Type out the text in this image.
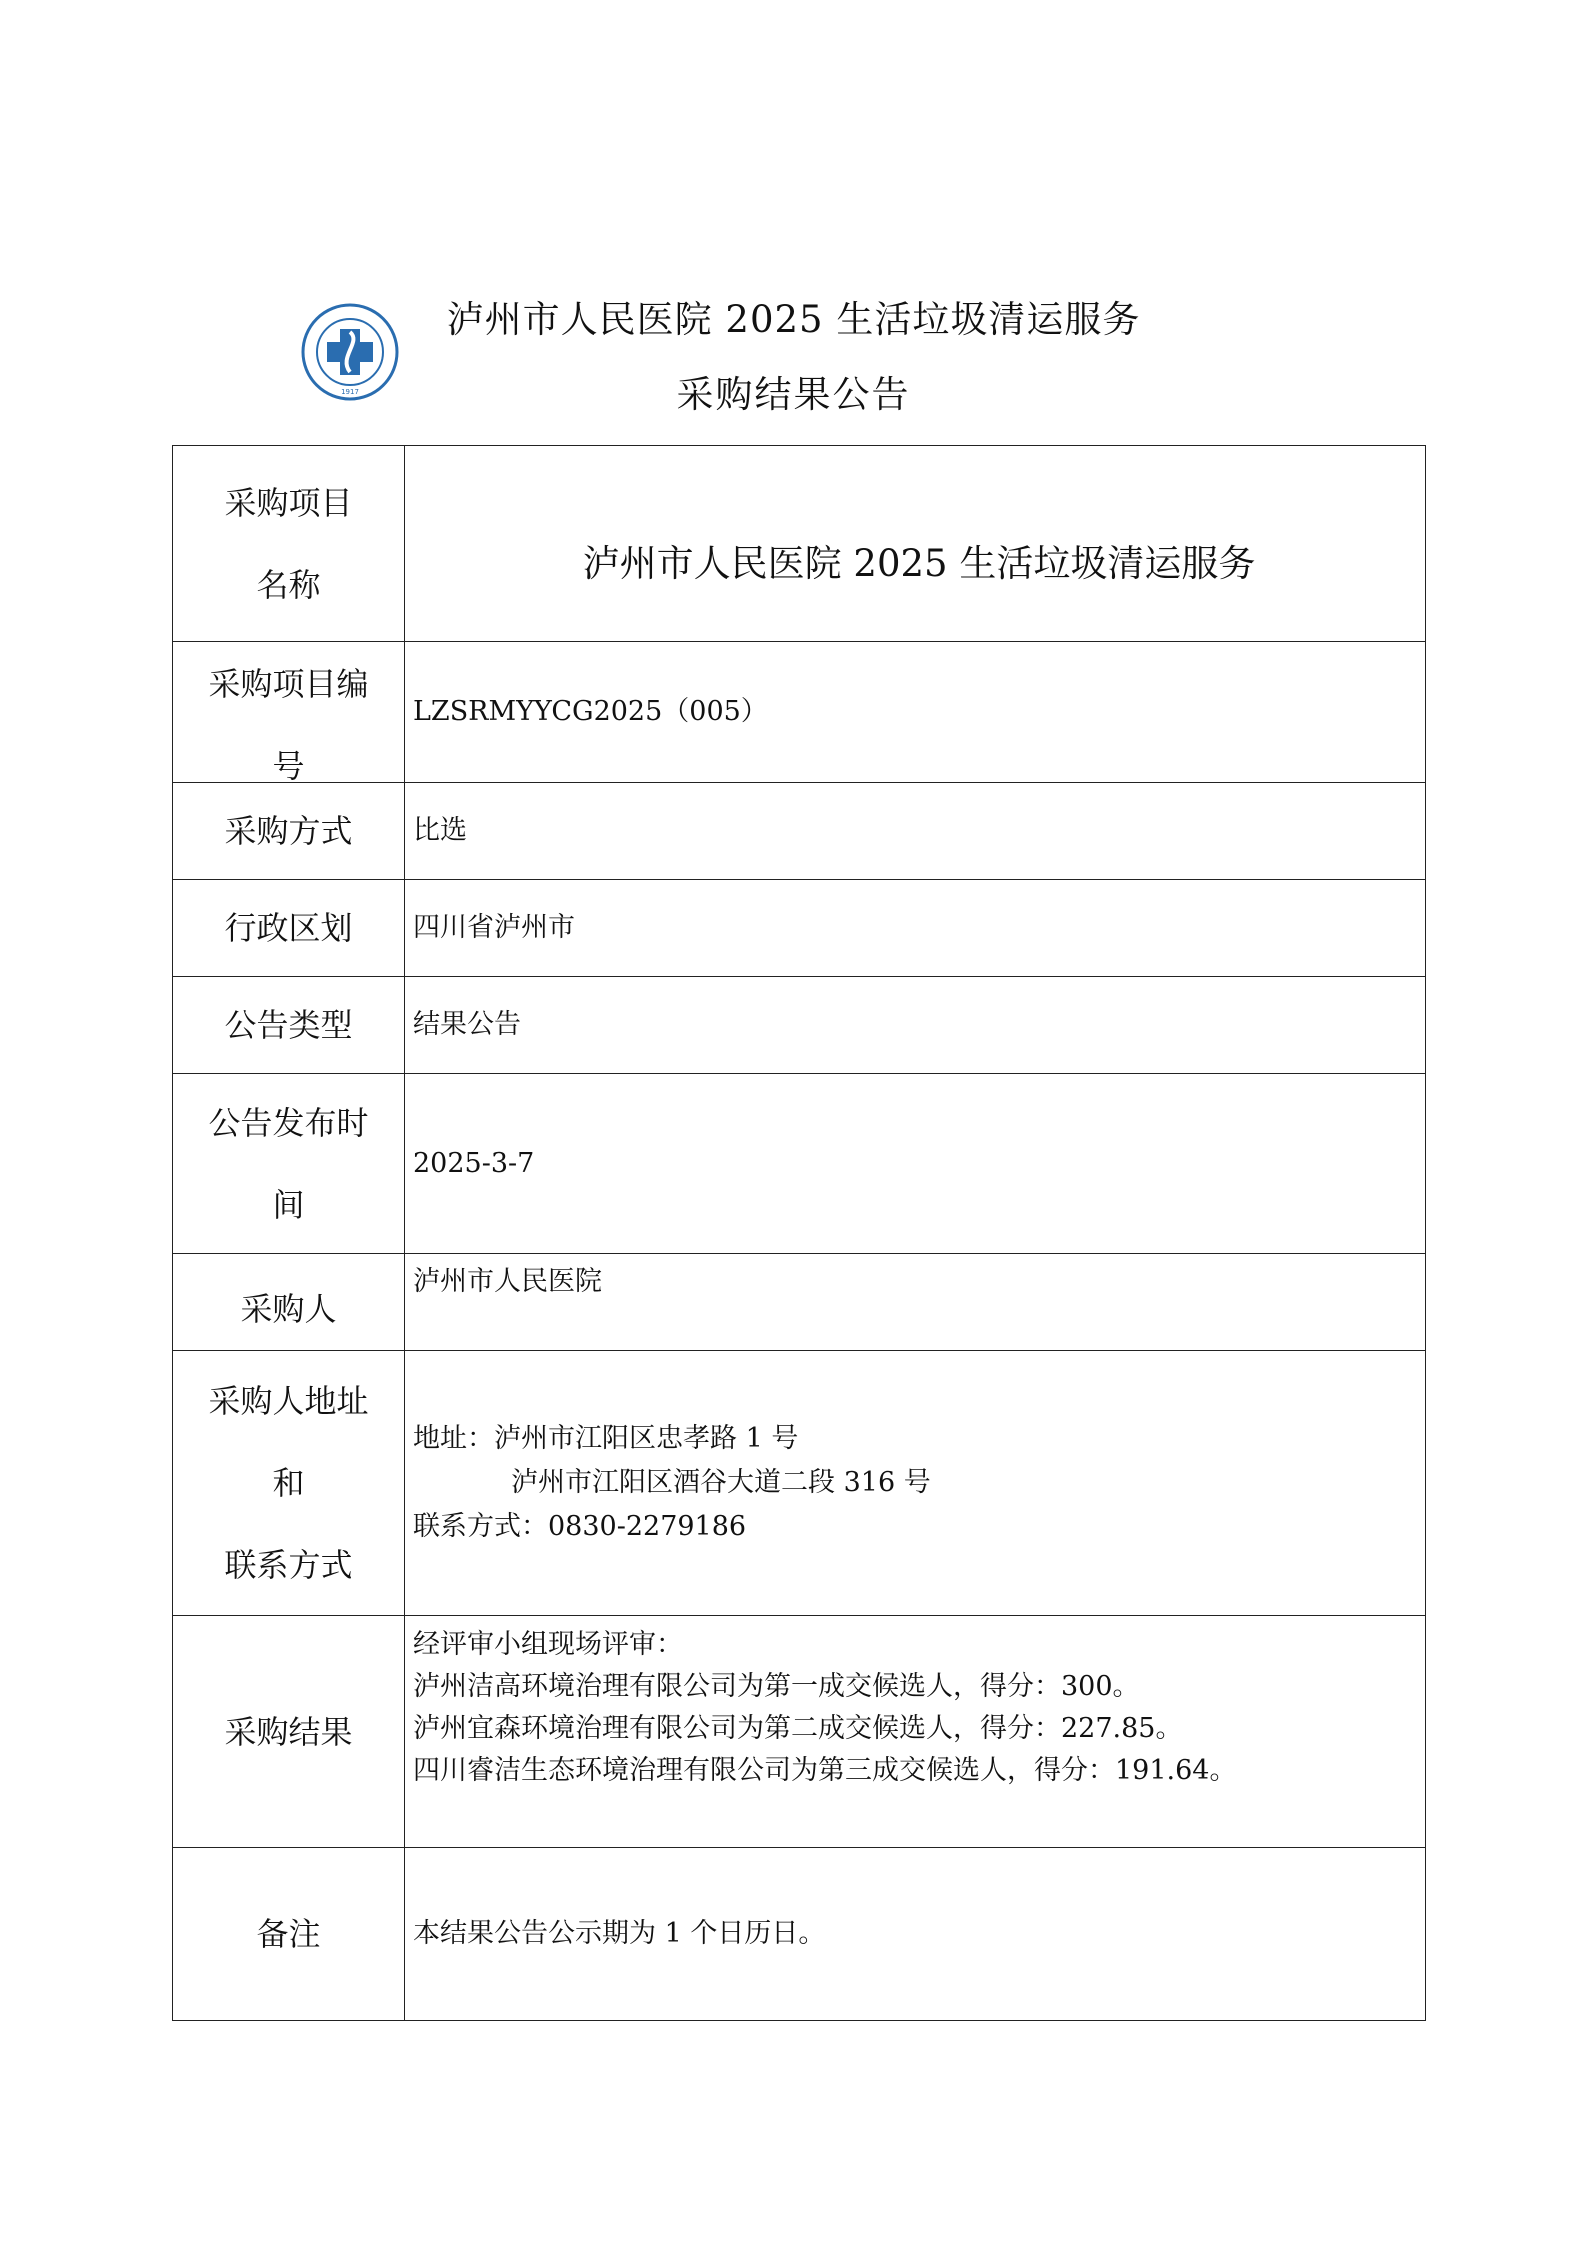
1917
泸州市人民医院 2025 生活垃圾清运服务
采购结果公告
采购项目
名称	泸州市人民医院 2025 生活垃圾清运服务

采购项目编
号	LZSRMYYCG2025（005）
采购方式	比选
行政区划	四川省泸州市
公告类型	结果公告

公告发布时
间	2025-3-7
采购人	泸州市人民医院

采购人地址
和
联系方式	地址：泸州市江阳区忠孝路 1 号
泸州市江阳区酒谷大道二段 316 号
联系方式：0830-2279186

采购结果	经评审小组现场评审：
泸州洁高环境治理有限公司为第一成交候选人，得分：300。
泸州宜森环境治理有限公司为第二成交候选人，得分：227.85。
四川睿洁生态环境治理有限公司为第三成交候选人，得分：191.64。

备注	本结果公告公示期为 1 个日历日。
